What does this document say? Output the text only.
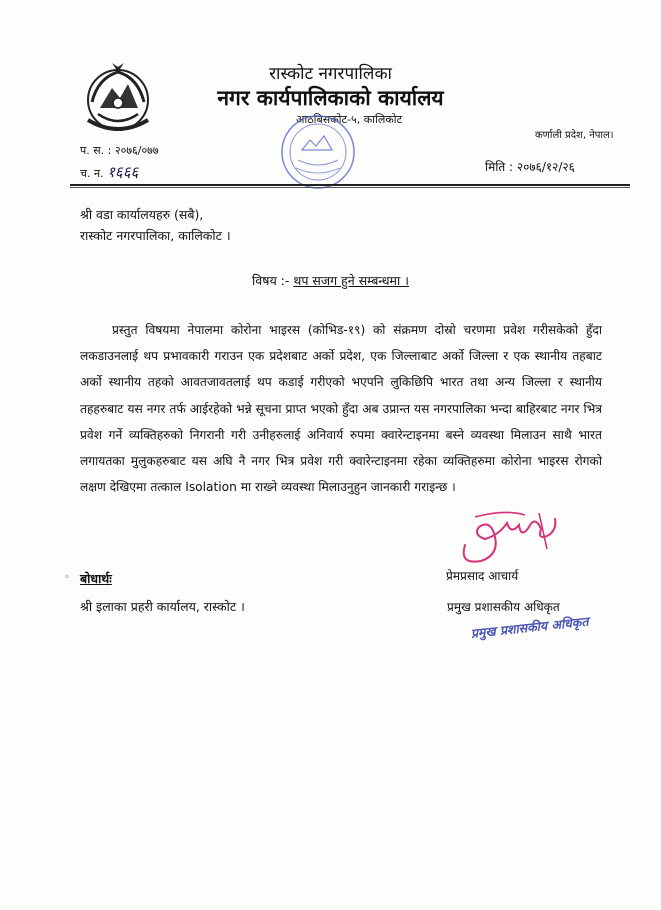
रास्कोट नगरपालिका
नगर कार्यपालिकाको कार्यालय
आठबिसकोट-५, कालिकोट
कर्णाली प्रदेश, नेपाल।
प. स. : २०७६/०७७
च. न. १६६६	मिति : २०७६/१२/२६
श्री वडा कार्यालयहरु (सबै),
रास्कोट नगरपालिका, कालिकोट ।
विषय :- थप सजग हुने सम्बन्धमा ।
प्रस्तुत विषयमा नेपालमा कोरोना भाइरस (कोभिड-१९) को संक्रमण दोस्रो चरणमा प्रवेश गरीसकेको हुँदा लकडाउनलाई थप प्रभावकारी गराउन एक प्रदेशबाट अर्को प्रदेश, एक जिल्लाबाट अर्को जिल्ला र एक स्थानीय तहबाट अर्को स्थानीय तहको आवतजावतलाई थप कडाई गरीएको भएपनि लुकिछिपि भारत तथा अन्य जिल्ला र स्थानीय तहहरुबाट यस नगर तर्फ आईरहेको भन्ने सूचना प्राप्त भएको हुँदा अब उप्रान्त यस नगरपालिका भन्दा बाहिरबाट नगर भित्र प्रवेश गर्ने व्यक्तिहरुको निगरानी गरी उनीहरुलाई अनिवार्य रुपमा क्वारेन्टाइनमा बस्ने व्यवस्था मिलाउन साथै भारत लगायतका मुलुकहरुबाट यस अघि नै नगर भित्र प्रवेश गरी क्वारेन्टाइनमा रहेका व्यक्तिहरुमा कोरोना भाइरस रोगको लक्षण देखिएमा तत्काल Isolation मा राख्ने व्यवस्था मिलाउनुहुन जानकारी गराइन्छ ।
प्रेमप्रसाद आचार्य
प्रमुख प्रशासकीय अधिकृत
◦ बोधार्थः
श्री इलाका प्रहरी कार्यालय, रास्कोट ।
प्रमुख प्रशासकीय अधिकृत
